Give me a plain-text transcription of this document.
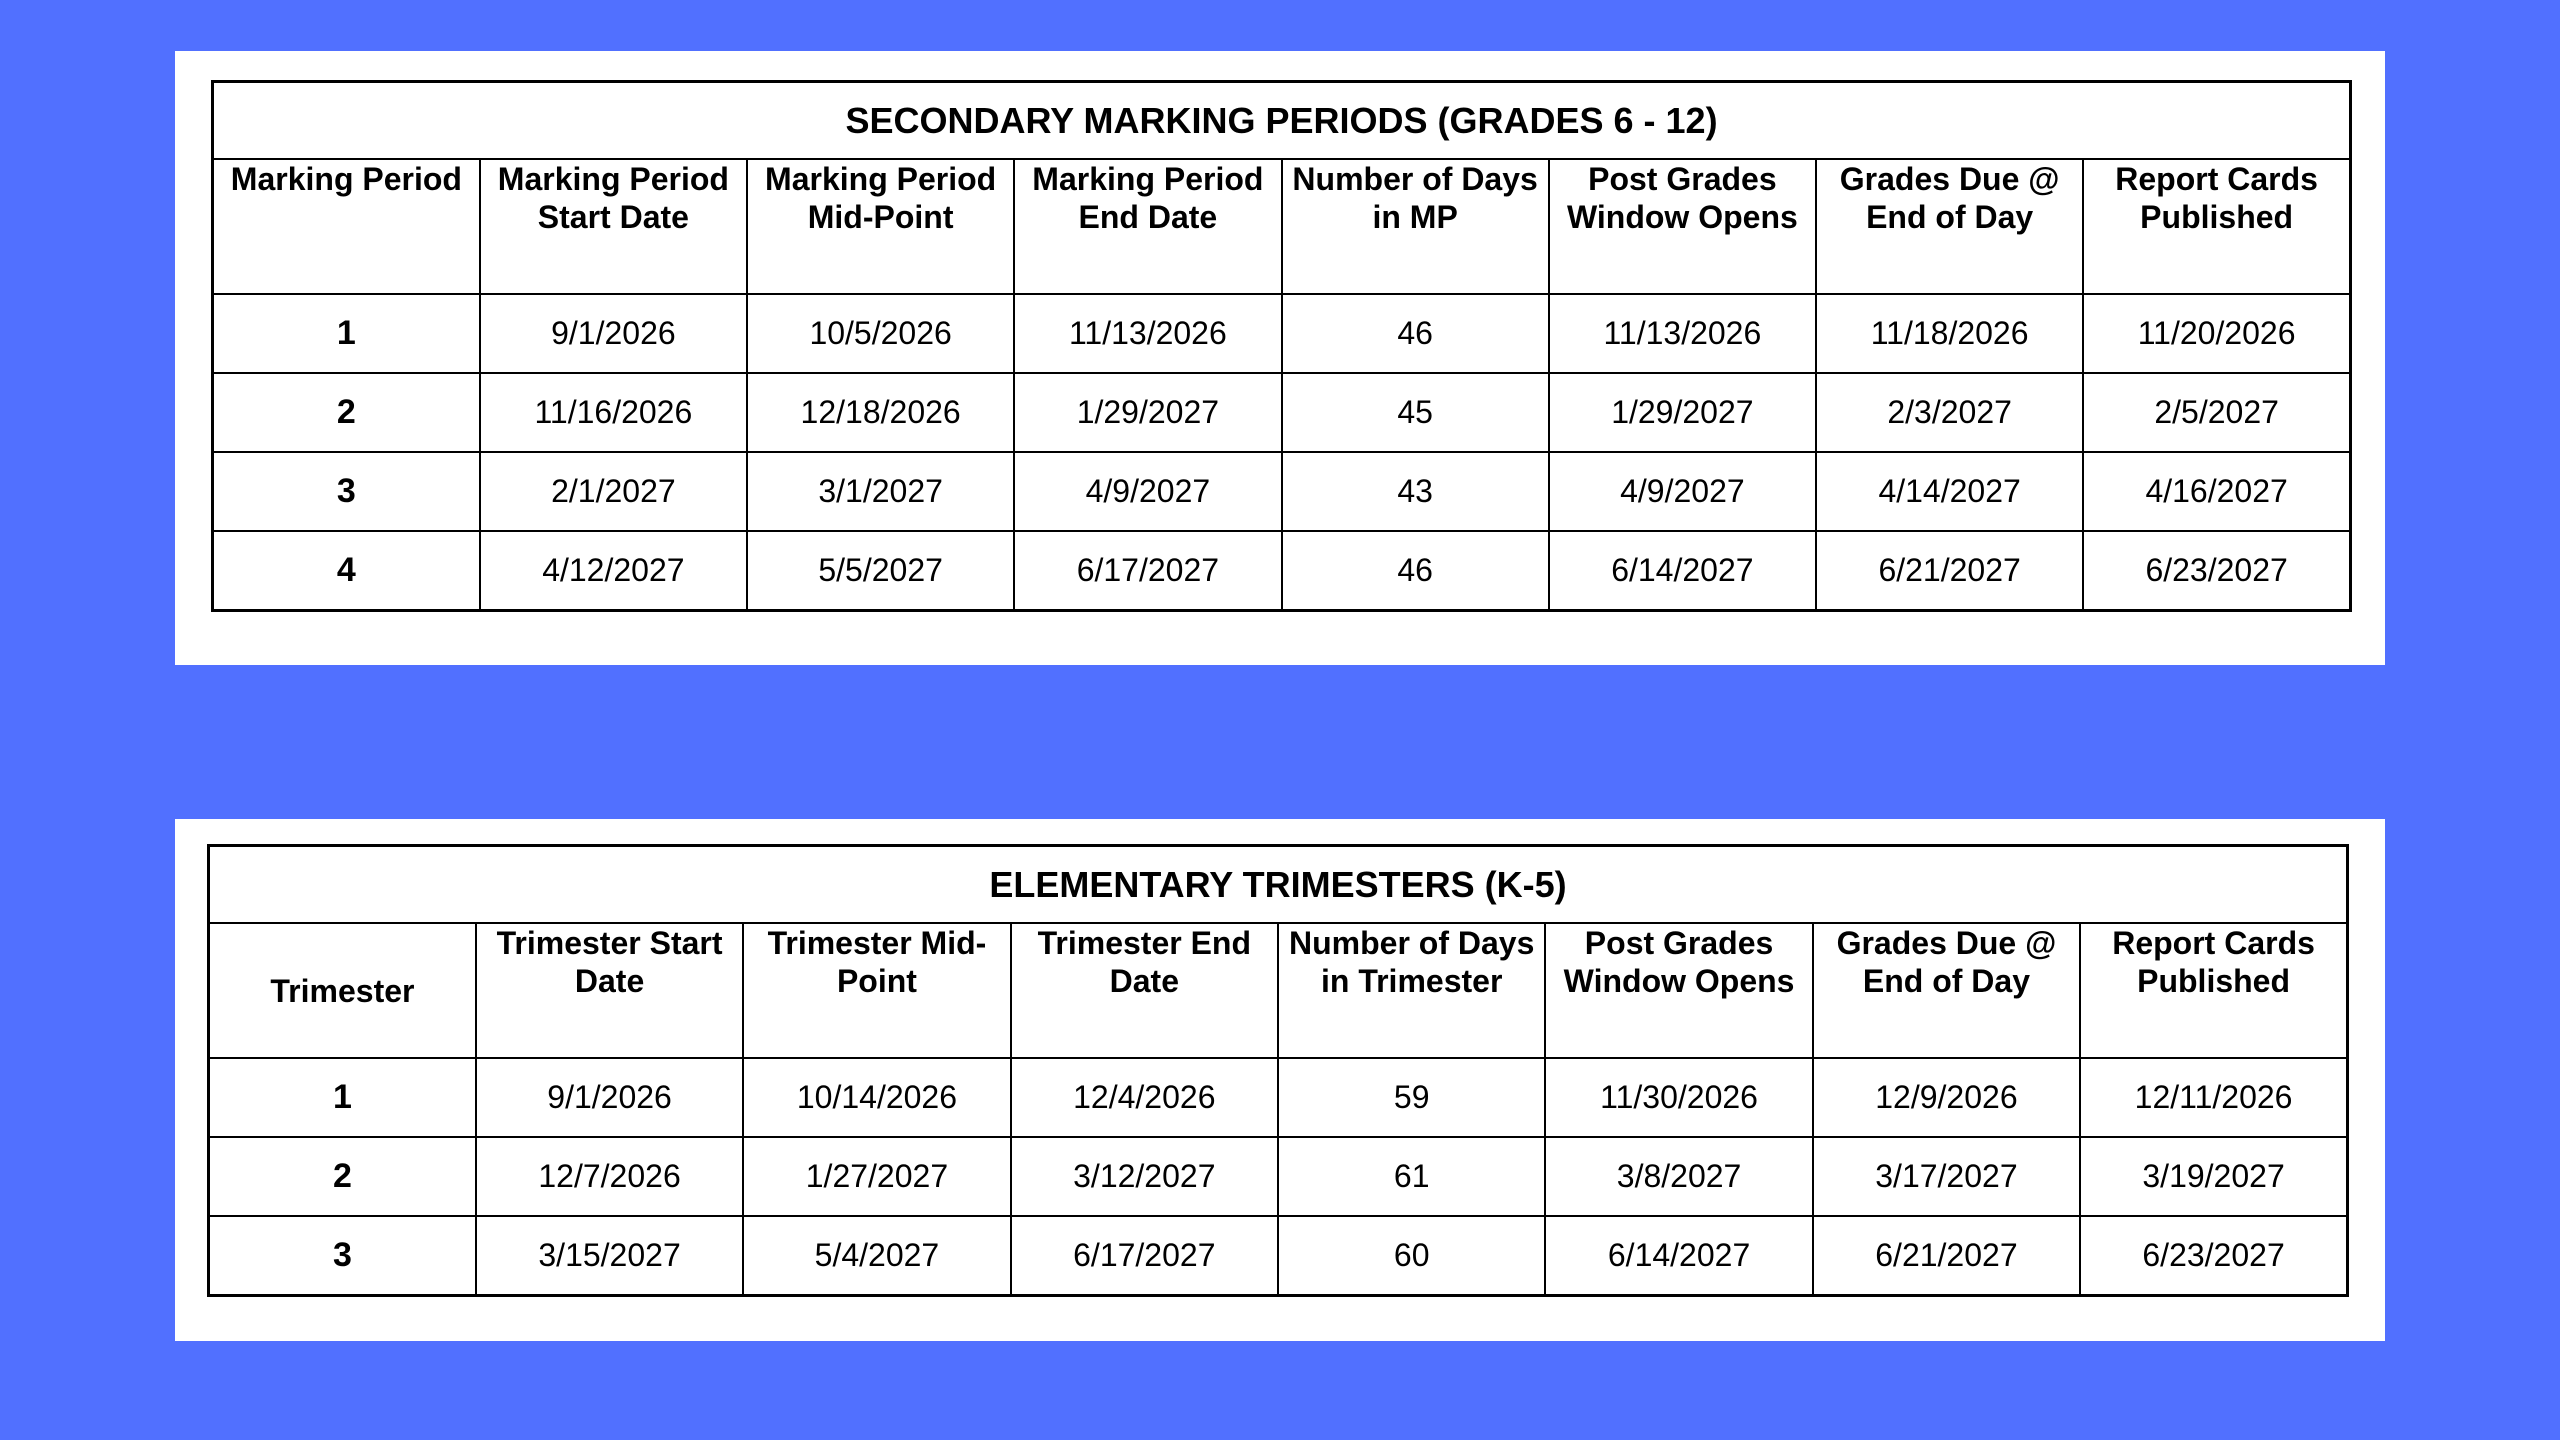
SECONDARY MARKING PERIODS (GRADES 6 - 12)							
Marking Period	Marking Period Start Date	Marking Period Mid-Point	Marking Period End Date	Number of Days in MP	Post Grades Window Opens	Grades Due @ End of Day	Report Cards Published
1	9/1/2026	10/5/2026	11/13/2026	46	11/13/2026	11/18/2026	11/20/2026
2	11/16/2026	12/18/2026	1/29/2027	45	1/29/2027	2/3/2027	2/5/2027
3	2/1/2027	3/1/2027	4/9/2027	43	4/9/2027	4/14/2027	4/16/2027
4	4/12/2027	5/5/2027	6/17/2027	46	6/14/2027	6/21/2027	6/23/2027
ELEMENTARY TRIMESTERS (K-5)							
Trimester	Trimester Start Date	Trimester Mid-Point	Trimester End Date	Number of Days in Trimester	Post Grades Window Opens	Grades Due @ End of Day	Report Cards Published
1	9/1/2026	10/14/2026	12/4/2026	59	11/30/2026	12/9/2026	12/11/2026
2	12/7/2026	1/27/2027	3/12/2027	61	3/8/2027	3/17/2027	3/19/2027
3	3/15/2027	5/4/2027	6/17/2027	60	6/14/2027	6/21/2027	6/23/2027
